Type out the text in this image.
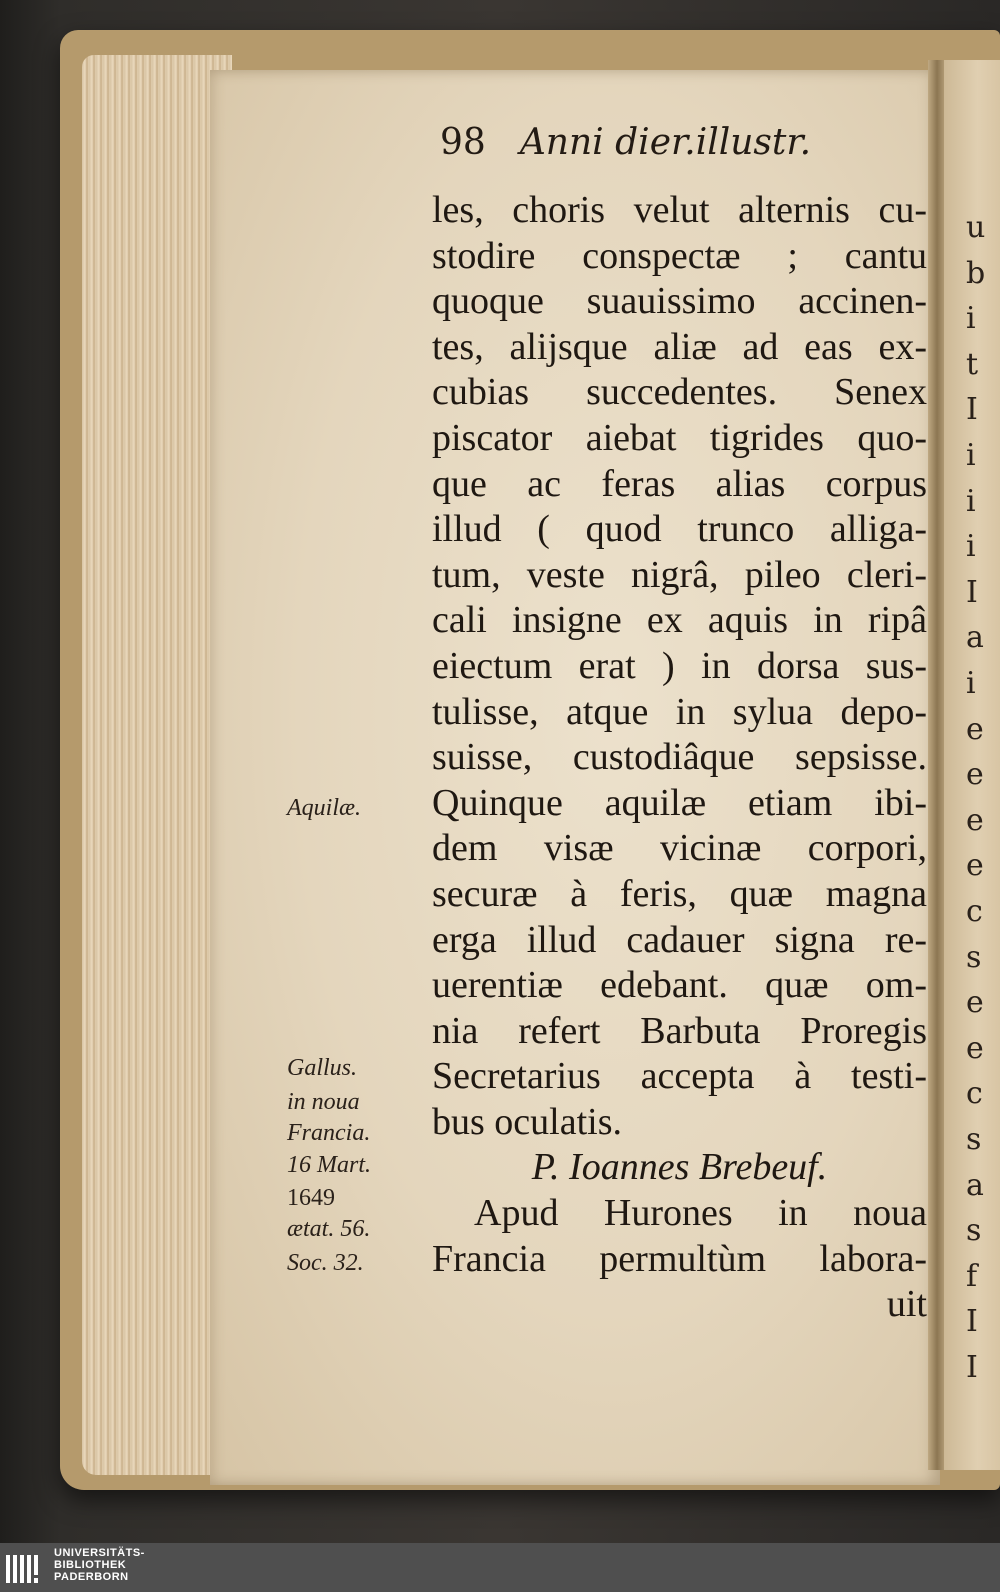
u
b
i
t
I
i
i
i
I
a
i
e
e
e
e
c
s
e
e
c
s
a
s
f
I
I
98 Anni dier.illustr.
les, choris velut alternis cu-
stodire conspectæ ; cantu
quoque suauissimo accinen-
tes, alijsque aliæ ad eas ex-
cubias succedentes. Senex
piscator aiebat tigrides quo-
que ac feras alias corpus
illud ( quod trunco alliga-
tum, veste nigrâ, pileo cleri-
cali insigne ex aquis in ripâ
eiectum erat ) in dorsa sus-
tulisse, atque in sylua depo-
suisse, custodiâque sepsisse.
Quinque aquilæ etiam ibi-
dem visæ vicinæ corpori,
securæ à feris, quæ magna
erga illud cadauer signa re-
uerentiæ edebant. quæ om-
nia refert Barbuta Proregis
Secretarius accepta à testi-
bus oculatis.
P. Ioannes Brebeuf.
Apud Hurones in noua
Francia permultùm labora-
uit
Aquilæ.
Gallus.
in noua
Francia.
16 Mart.
1649
ætat. 56.
Soc. 32.
UNIVERSITÄTS-
BIBLIOTHEK
PADERBORN
